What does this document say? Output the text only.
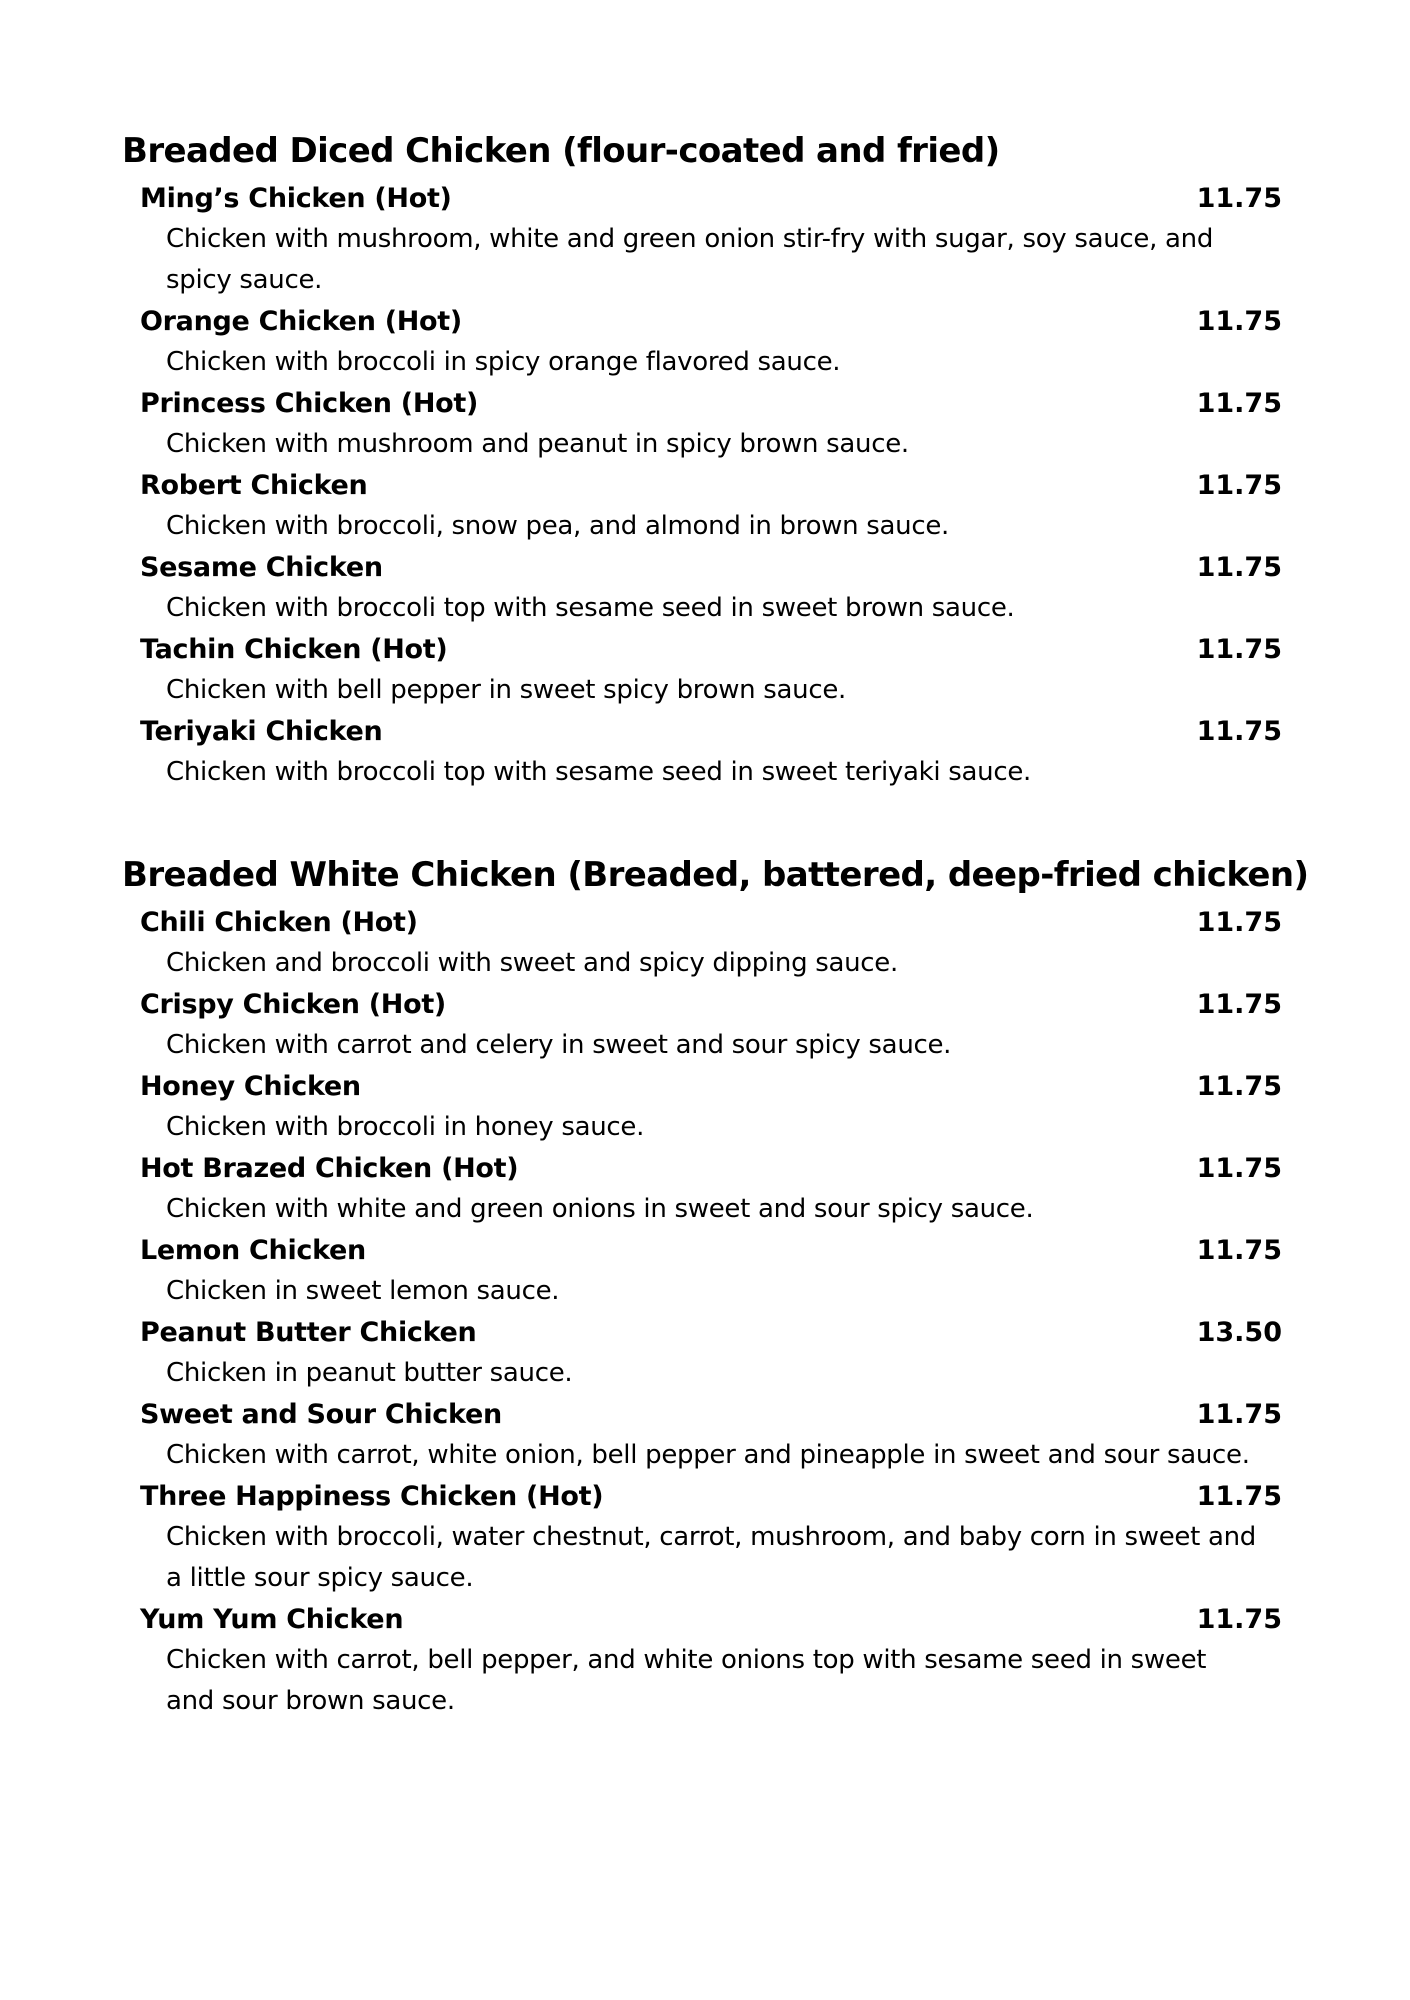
Breaded Diced Chicken (flour-coated and fried)
Ming’s Chicken (Hot)	11.75
Chicken with mushroom, white and green onion stir-fry with sugar, soy sauce, and spicy sauce.
Orange Chicken (Hot)	11.75
Chicken with broccoli in spicy orange flavored sauce.
Princess Chicken (Hot)	11.75
Chicken with mushroom and peanut in spicy brown sauce.
Robert Chicken	11.75
Chicken with broccoli, snow pea, and almond in brown sauce.
Sesame Chicken	11.75
Chicken with broccoli top with sesame seed in sweet brown sauce.
Tachin Chicken (Hot)	11.75
Chicken with bell pepper in sweet spicy brown sauce.
Teriyaki Chicken	11.75
Chicken with broccoli top with sesame seed in sweet teriyaki sauce.
Breaded White Chicken (Breaded, battered, deep-fried chicken)
Chili Chicken (Hot)	11.75
Chicken and broccoli with sweet and spicy dipping sauce.
Crispy Chicken (Hot)	11.75
Chicken with carrot and celery in sweet and sour spicy sauce.
Honey Chicken	11.75
Chicken with broccoli in honey sauce.
Hot Brazed Chicken (Hot)	11.75
Chicken with white and green onions in sweet and sour spicy sauce.
Lemon Chicken	11.75
Chicken in sweet lemon sauce.
Peanut Butter Chicken	13.50
Chicken in peanut butter sauce.
Sweet and Sour Chicken	11.75
Chicken with carrot, white onion, bell pepper and pineapple in sweet and sour sauce.
Three Happiness Chicken (Hot)	11.75
Chicken with broccoli, water chestnut, carrot, mushroom, and baby corn in sweet and a little sour spicy sauce.
Yum Yum Chicken	11.75
Chicken with carrot, bell pepper, and white onions top with sesame seed in sweet and sour brown sauce.
